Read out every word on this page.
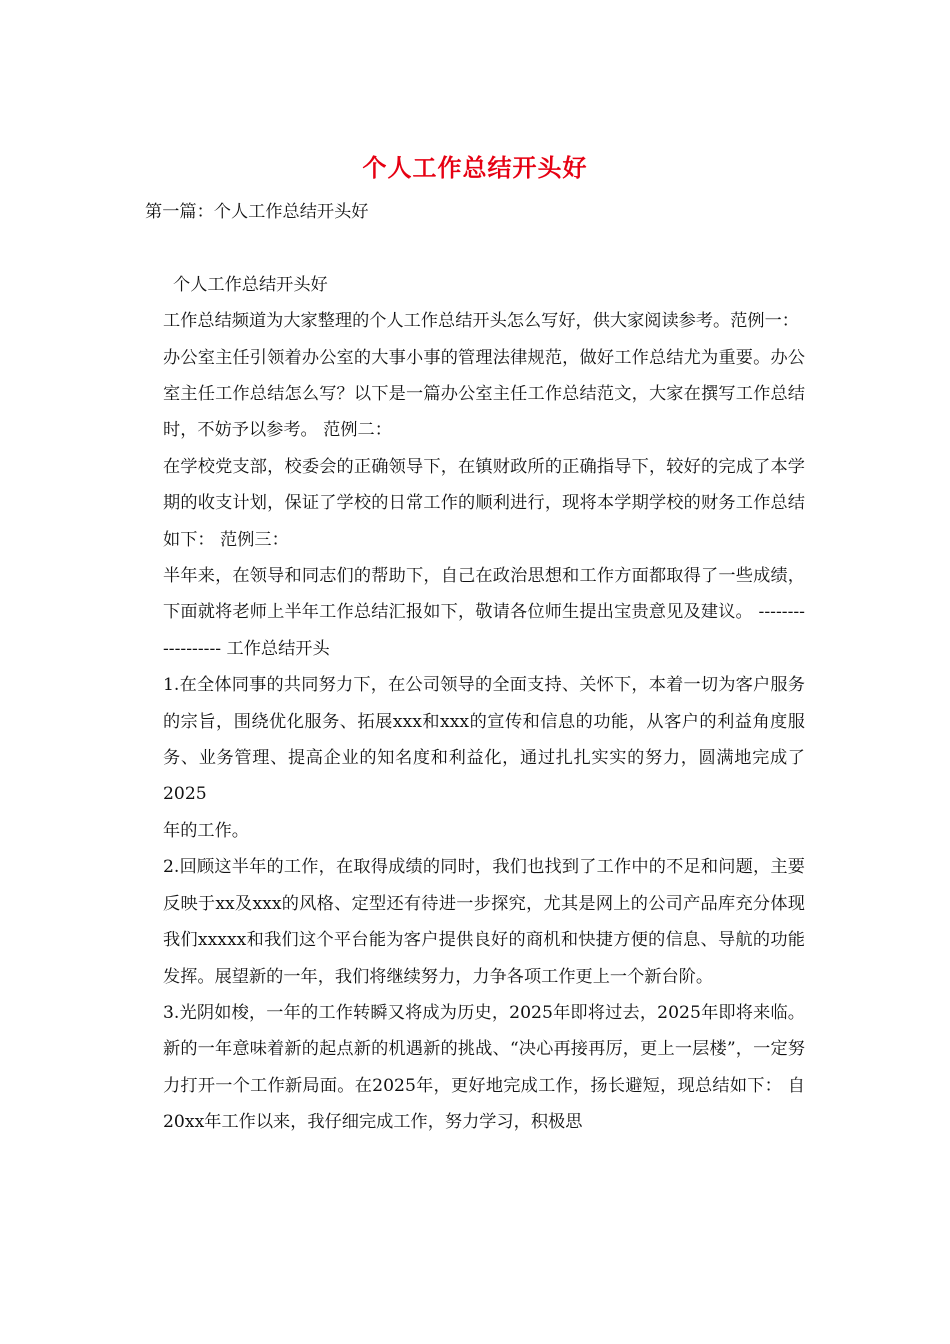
个人工作总结开头好

第一篇：个人工作总结开头好

个人工作总结开头好

工作总结频道为大家整理的个人工作总结开头怎么写好，供大家阅读参考。范例一：

办公室主任引领着办公室的大事小事的管理法律规范，做好工作总结尤为重要。办公室主任工作总结怎么写？以下是一篇办公室主任工作总结范文，大家在撰写工作总结时，不妨予以参考。 范例二：

在学校党支部，校委会的正确领导下，在镇财政所的正确指导下，较好的完成了本学期的收支计划，保证了学校的日常工作的顺利进行，现将本学期学校的财务工作总结如下： 范例三：

半年来，在领导和同志们的帮助下，自己在政治思想和工作方面都取得了一些成绩，下面就将老师上半年工作总结汇报如下，敬请各位师生提出宝贵意见及建议。 ------------------ 工作总结开头

1.在全体同事的共同努力下，在公司领导的全面支持、关怀下，本着一切为客户服务的宗旨，围绕优化服务、拓展xxx和xxx的宣传和信息的功能，从客户的利益角度服务、业务管理、提高企业的知名度和利益化，通过扎扎实实的努力，圆满地完成了2025

年的工作。

2.回顾这半年的工作，在取得成绩的同时，我们也找到了工作中的不足和问题，主要反映于xx及xxx的风格、定型还有待进一步探究，尤其是网上的公司产品库充分体现我们xxxxx和我们这个平台能为客户提供良好的商机和快捷方便的信息、导航的功能发挥。展望新的一年，我们将继续努力，力争各项工作更上一个新台阶。

3.光阴如梭，一年的工作转瞬又将成为历史，2025年即将过去，2025年即将来临。新的一年意味着新的起点新的机遇新的挑战、“决心再接再厉，更上一层楼”，一定努力打开一个工作新局面。在2025年，更好地完成工作，扬长避短，现总结如下： 自20xx年工作以来，我仔细完成工作，努力学习，积极思
